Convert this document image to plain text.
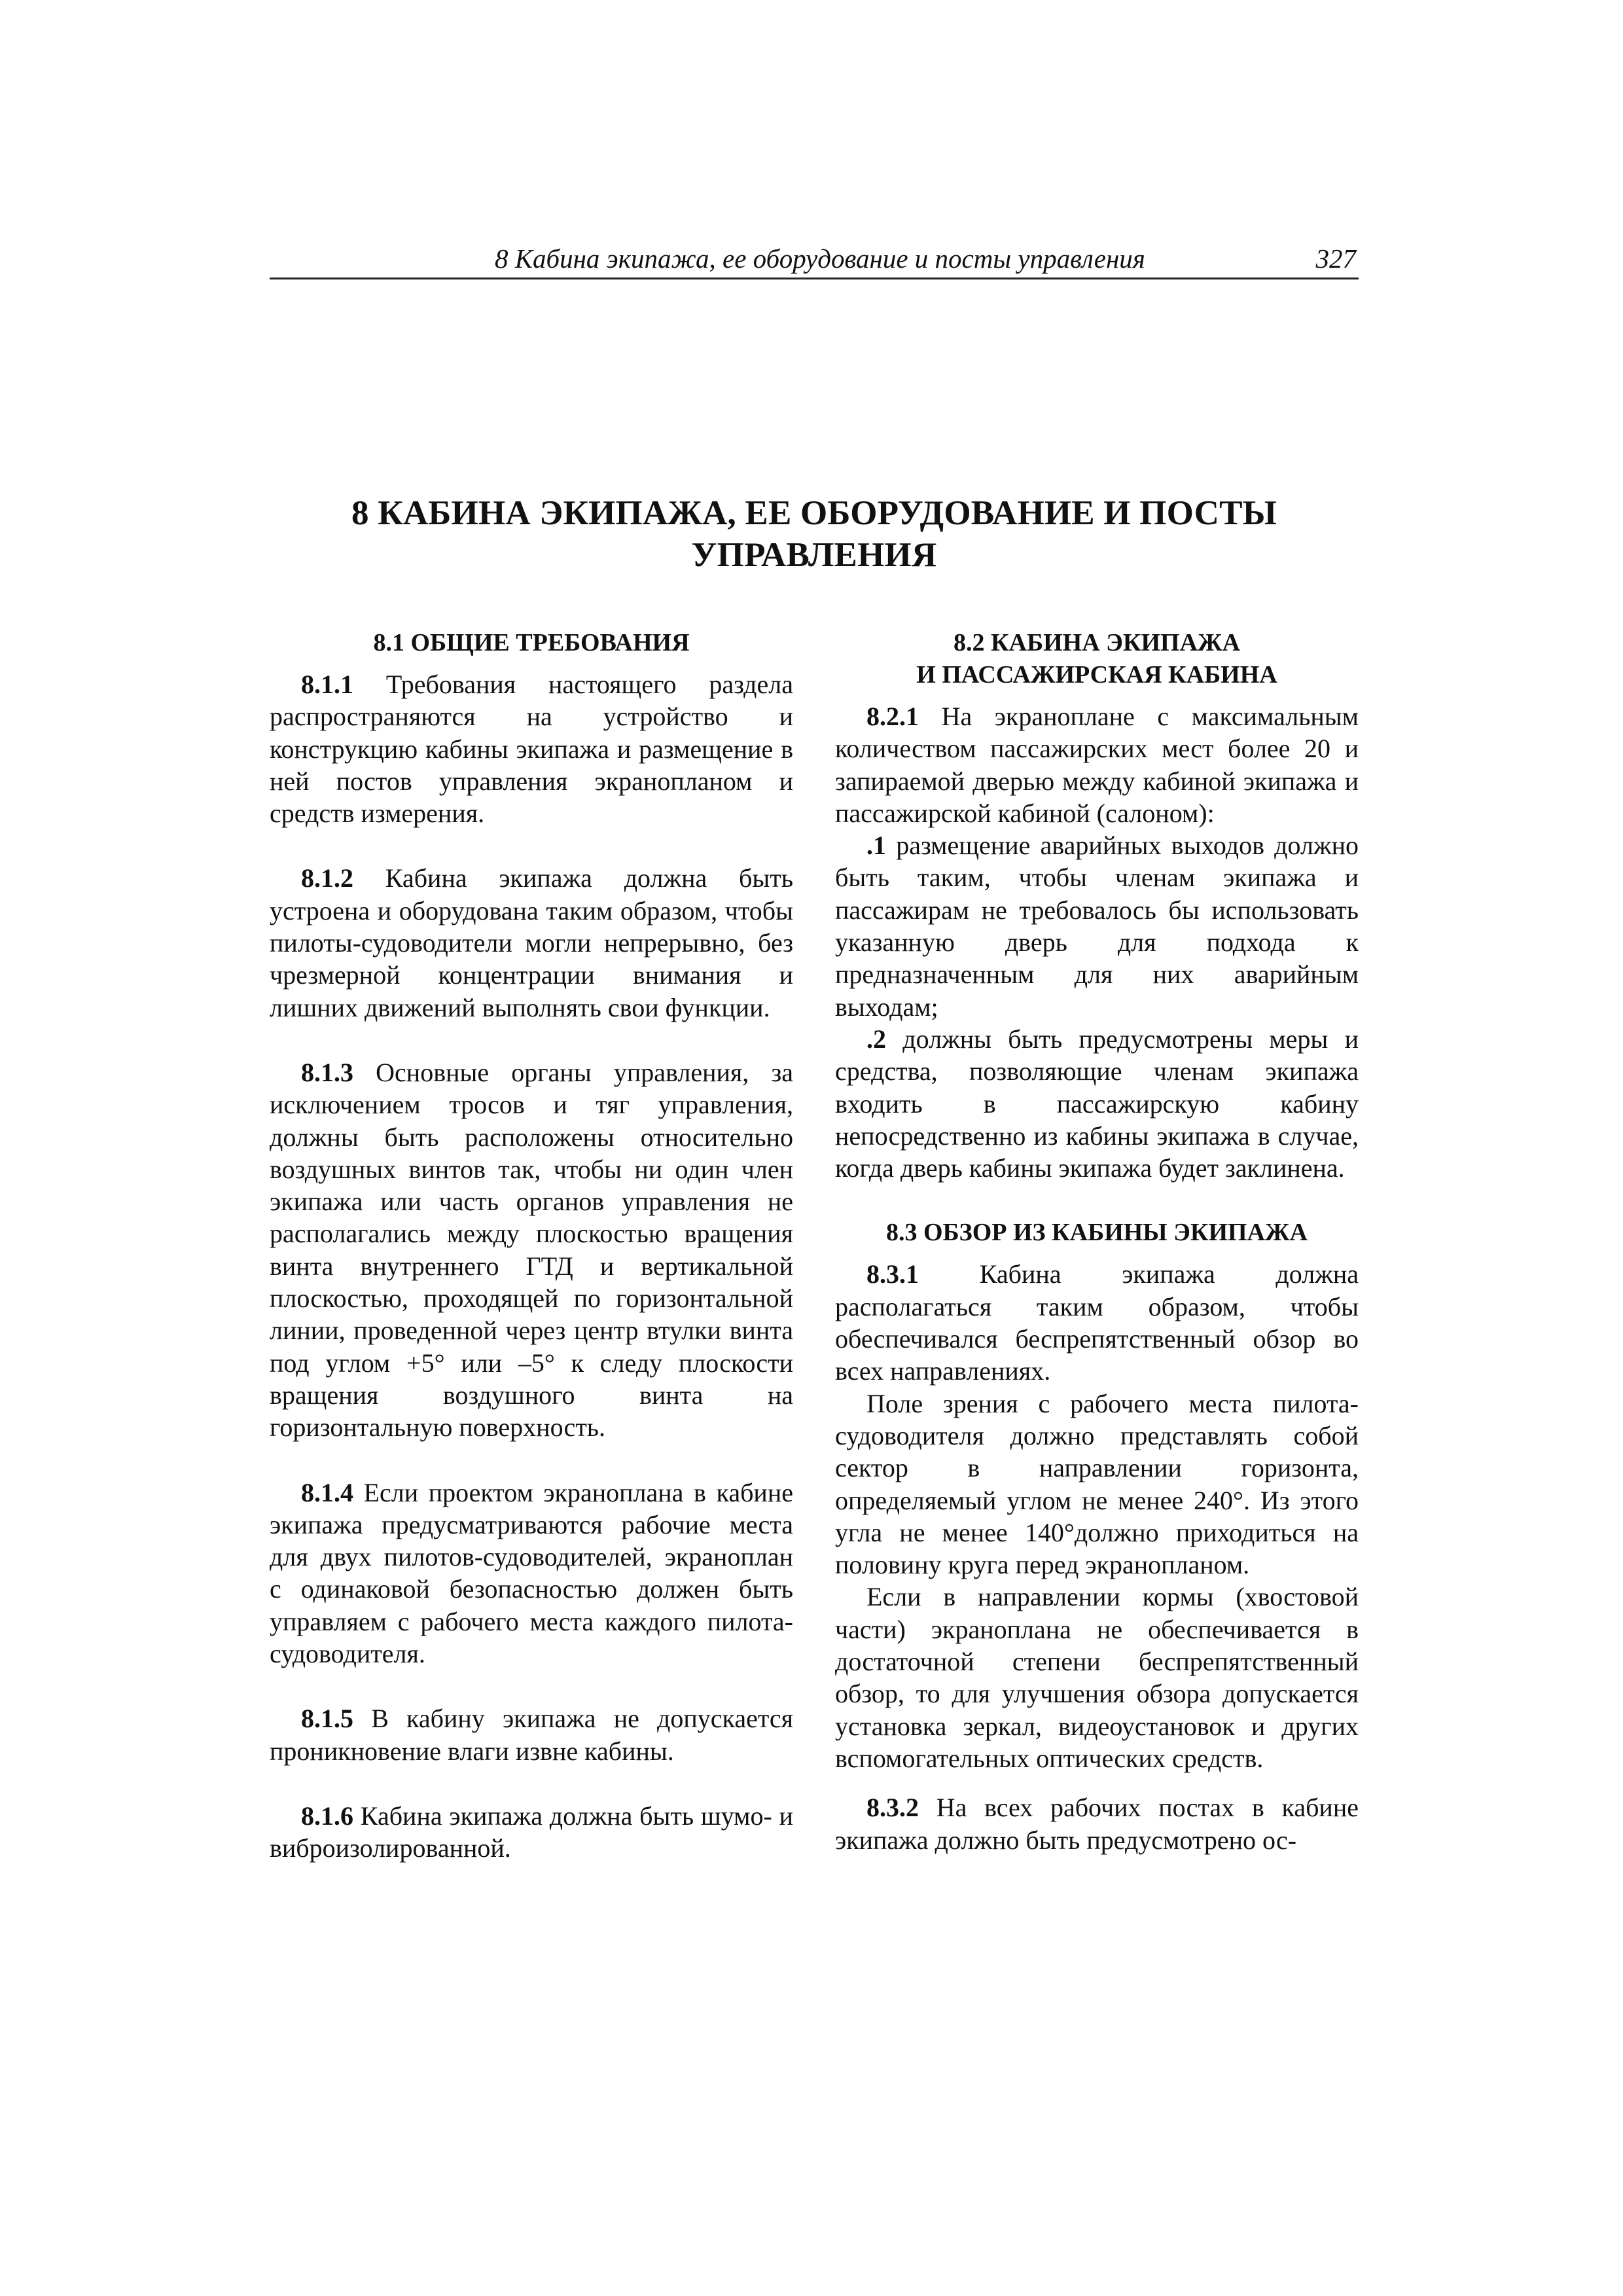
8 Кабина экипажа, ее оборудование и посты управления	327
8 КАБИНА ЭКИПАЖА, ЕЕ ОБОРУДОВАНИЕ И ПОСТЫ УПРАВЛЕНИЯ
8.1 ОБЩИЕ ТРЕБОВАНИЯ

8.1.1 Требования настоящего раздела распространяются на устройство и конструкцию кабины экипажа и размещение в ней постов управления экранопланом и средств измерения.

8.1.2 Кабина экипажа должна быть устроена и оборудована таким образом, чтобы пилоты-судоводители могли непрерывно, без чрезмерной концентрации внимания и лишних движений выполнять свои функции.

8.1.3 Основные органы управления, за исключением тросов и тяг управления, должны быть расположены относительно воздушных винтов так, чтобы ни один член экипажа или часть органов управления не располагались между плоскостью вращения винта внутреннего ГТД и вертикальной плоскостью, проходящей по горизонтальной линии, проведенной через центр втулки винта под углом +5° или –5° к следу плоскости вращения воздушного винта на горизонтальную поверхность.

8.1.4 Если проектом экраноплана в кабине экипажа предусматриваются рабочие места для двух пилотов-судоводителей, экраноплан с одинаковой безопасностью должен быть управляем с рабочего места каждого пилота-судоводителя.

8.1.5 В кабину экипажа не допускается проникновение влаги извне кабины.

8.1.6 Кабина экипажа должна быть шумо- и виброизолированной.

8.2 КАБИНА ЭКИПАЖА
И ПАССАЖИРСКАЯ КАБИНА

8.2.1 На экраноплане с максимальным количеством пассажирских мест более 20 и запираемой дверью между кабиной экипажа и пассажирской кабиной (салоном):

.1 размещение аварийных выходов должно быть таким, чтобы членам экипажа и пассажирам не требовалось бы использовать указанную дверь для подхода к предназначенным для них аварийным выходам;

.2 должны быть предусмотрены меры и средства, позволяющие членам экипажа входить в пассажирскую кабину непосредственно из кабины экипажа в случае, когда дверь кабины экипажа будет заклинена.

8.3 ОБЗОР ИЗ КАБИНЫ ЭКИПАЖА

8.3.1 Кабина экипажа должна располагаться таким образом, чтобы обеспечивался беспрепятственный обзор во всех направлениях.

Поле зрения с рабочего места пилота-судоводителя должно представлять собой сектор в направлении горизонта, определяемый углом не менее 240°. Из этого угла не менее 140°должно приходиться на половину круга перед экранопланом.

Если в направлении кормы (хвостовой части) экраноплана не обеспечивается в достаточной степени беспрепятственный обзор, то для улучшения обзора допускается установка зеркал, видеоустановок и других вспомогательных оптических средств.

8.3.2 На всех рабочих постах в кабине экипажа должно быть предусмотрено ос-
